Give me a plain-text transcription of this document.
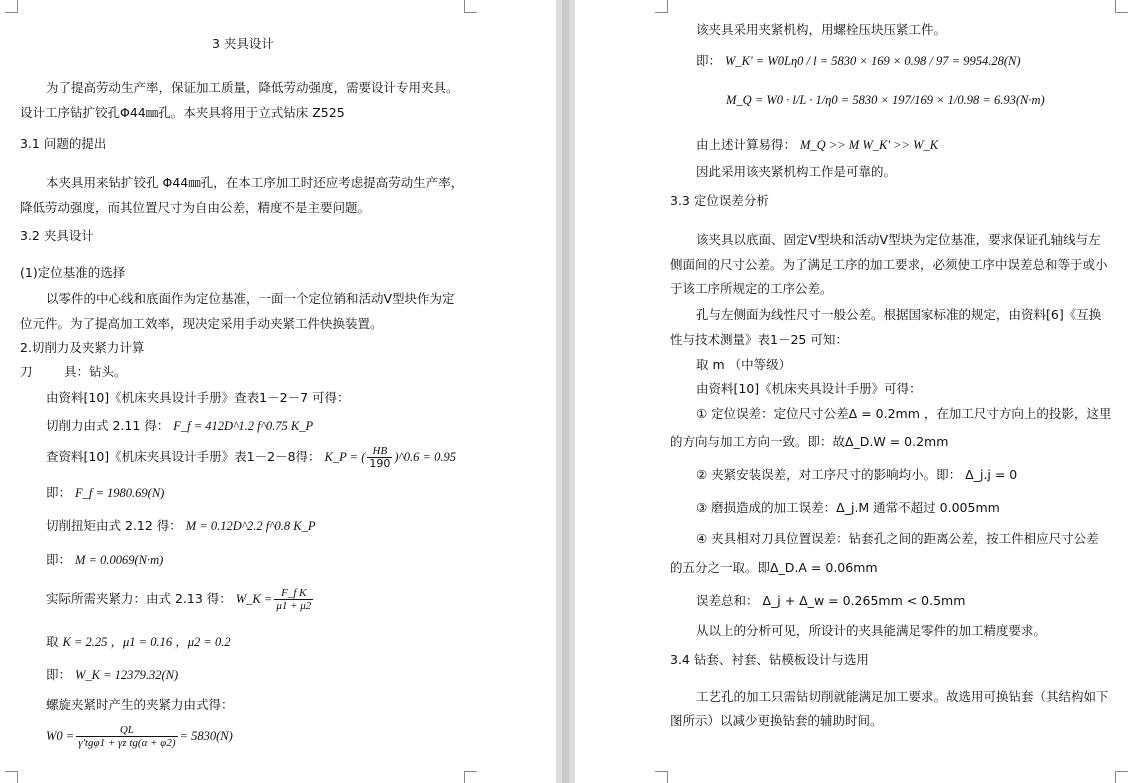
3 夹具设计
为了提高劳动生产率，保证加工质量，降低劳动强度，需要设计专用夹具。
设计工序钻扩铰孔Φ44㎜孔。本夹具将用于立式钻床 Z525
3.1 问题的提出
本夹具用来钻扩铰孔 Φ44㎜孔，在本工序加工时还应考虑提高劳动生产率，
降低劳动强度，而其位置尺寸为自由公差，精度不是主要问题。
3.2 夹具设计
(1)定位基准的选择
以零件的中心线和底面作为定位基准，一面一个定位销和活动Ⅴ型块作为定
位元件。为了提高加工效率，现决定采用手动夹紧工件快换装置。
2.切削力及夹紧力计算
刀	具：钻头。
由资料[10]《机床夹具设计手册》查表1－2－7 可得：
切削力由式 2.11 得： F_f = 412D^1.2 f^0.75 K_P
查资料[10]《机床夹具设计手册》表1－2－8得： K_P = ( $\frac{HB}{190}$ )^0.6 = 0.95
即： F_f = 1980.69(N)
切削扭矩由式 2.12 得： M = 0.12D^2.2 f^0.8 K_P
即： M = 0.0069(N·m)
实际所需夹紧力：由式 2.13 得： W_K = $\frac{\text{F\_f K}}{\mu 1 + \mu 2}$
取 K = 2.25 ，μ1 = 0.16 ，μ2 = 0.2
即： W_K = 12379.32(N)
螺旋夹紧时产生的夹紧力由式得：
$W0 = \frac{QL}{\text{γ'tgφ1 + γz tg(α + φ2)}} = 5830(N)$
该夹具采用夹紧机构，用螺栓压块压紧工件。
即： W_K' = W0Lη0 / l = 5830 × 169 × 0.98 / 97 = 9954.28(N)
M_Q = W0 · l/L · 1/η0 = 5830 × 197/169 × 1/0.98 = 6.93(N·m)
由上述计算易得： M_Q >> M W_K' >> W_K
因此采用该夹紧机构工作是可靠的。
3.3 定位误差分析
该夹具以底面、固定Ⅴ型块和活动Ⅴ型块为定位基准，要求保证孔轴线与左
侧面间的尺寸公差。为了满足工序的加工要求，必须使工序中误差总和等于或小
于该工序所规定的工序公差。
孔与左侧面为线性尺寸一般公差。根据国家标准的规定，由资料[6]《互换
性与技术测量》表1－25 可知：
取 m （中等级）
由资料[10]《机床夹具设计手册》可得：
① 定位误差：定位尺寸公差Δ = 0.2mm ，在加工尺寸方向上的投影，这里
的方向与加工方向一致。即：故Δ_D.W = 0.2mm
② 夹紧安装误差，对工序尺寸的影响均小。即： Δ_j.j = 0
③ 磨损造成的加工误差：Δ_j.M 通常不超过 0.005mm
④ 夹具相对刀具位置误差：钻套孔之间的距离公差，按工件相应尺寸公差
的五分之一取。即Δ_D.A = 0.06mm
误差总和： Δ_j + Δ_w = 0.265mm < 0.5mm
从以上的分析可见，所设计的夹具能满足零件的加工精度要求。
3.4 钻套、衬套、钻模板设计与选用
工艺孔的加工只需钻切削就能满足加工要求。故选用可换钻套（其结构如下
图所示）以减少更换钻套的辅助时间。
